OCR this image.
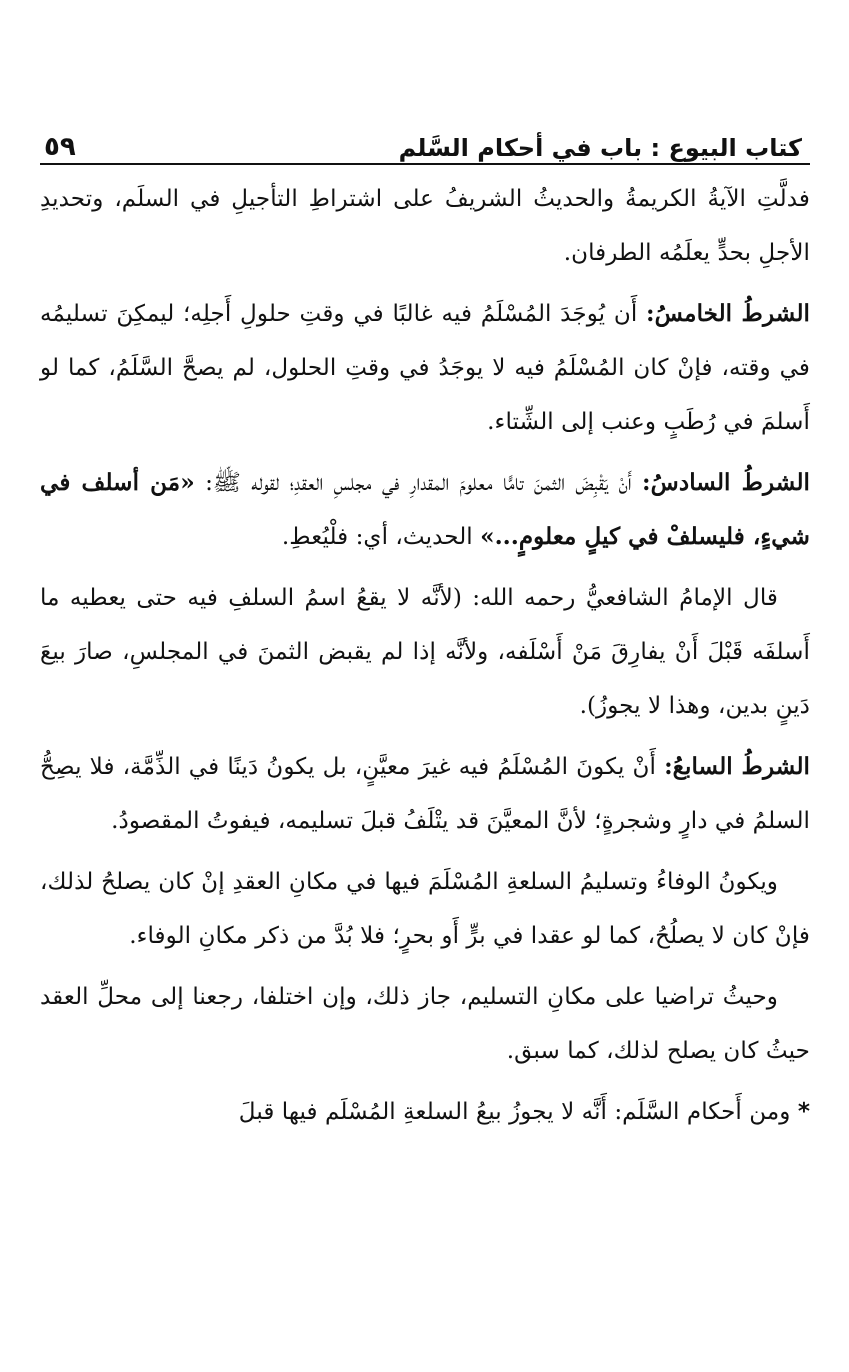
كتاب البيوع : باب في أحكام السَّلم
٥٩

فدلَّتِ الآيةُ الكريمةُ والحديثُ الشريفُ على اشتراطِ التأجيلِ في السلَم، وتحديدِ الأجلِ بحدٍّ يعلَمُه الطرفان.

الشرطُ الخامسُ: أَن يُوجَدَ المُسْلَمُ فيه غالبًا في وقتِ حلولِ أَجلِه؛ ليمكِنَ تسليمُه في وقته، فإنْ كان المُسْلَمُ فيه لا يوجَدُ في وقتِ الحلول، لم يصحَّ السَّلَمُ، كما لو أَسلمَ في رُطَبٍ وعنب إلى الشِّتاء.

الشرطُ السادسُ: أَنْ يَقْبِضَ الثمنَ تامًّا معلومَ المقدارِ في مجلسِ العقدِ؛ لقوله ﷺ: «مَن أسلف في شيءٍ، فليسلفْ في كيلٍ معلومٍ...» الحديث، أي: فلْيُعطِ.

قال الإمامُ الشافعيُّ رحمه الله: (لأنَّه لا يقعُ اسمُ السلفِ فيه حتى يعطيه ما أَسلفَه قَبْلَ أَنْ يفارِقَ مَنْ أَسْلَفه، ولأنَّه إذا لم يقبض الثمنَ في المجلسِ، صارَ بيعَ دَينٍ بدين، وهذا لا يجوزُ).

الشرطُ السابعُ: أَنْ يكونَ المُسْلَمُ فيه غيرَ معيَّنٍ، بل يكونُ دَينًا في الذِّمَّة، فلا يصِحُّ السلمُ في دارٍ وشجرةٍ؛ لأنَّ المعيَّنَ قد يتْلَفُ قبلَ تسليمه، فيفوتُ المقصودُ.

ويكونُ الوفاءُ وتسليمُ السلعةِ المُسْلَمَ فيها في مكانِ العقدِ إنْ كان يصلحُ لذلك، فإنْ كان لا يصلُحُ، كما لو عقدا في برٍّ أَو بحرٍ؛ فلا بُدَّ من ذكر مكانِ الوفاء.

وحيثُ تراضيا على مكانِ التسليم، جاز ذلك، وإن اختلفا، رجعنا إلى محلِّ العقد حيثُ كان يصلح لذلك، كما سبق.

* ومن أَحكام السَّلَم: أَنَّه لا يجوزُ بيعُ السلعةِ المُسْلَم فيها قبلَ
